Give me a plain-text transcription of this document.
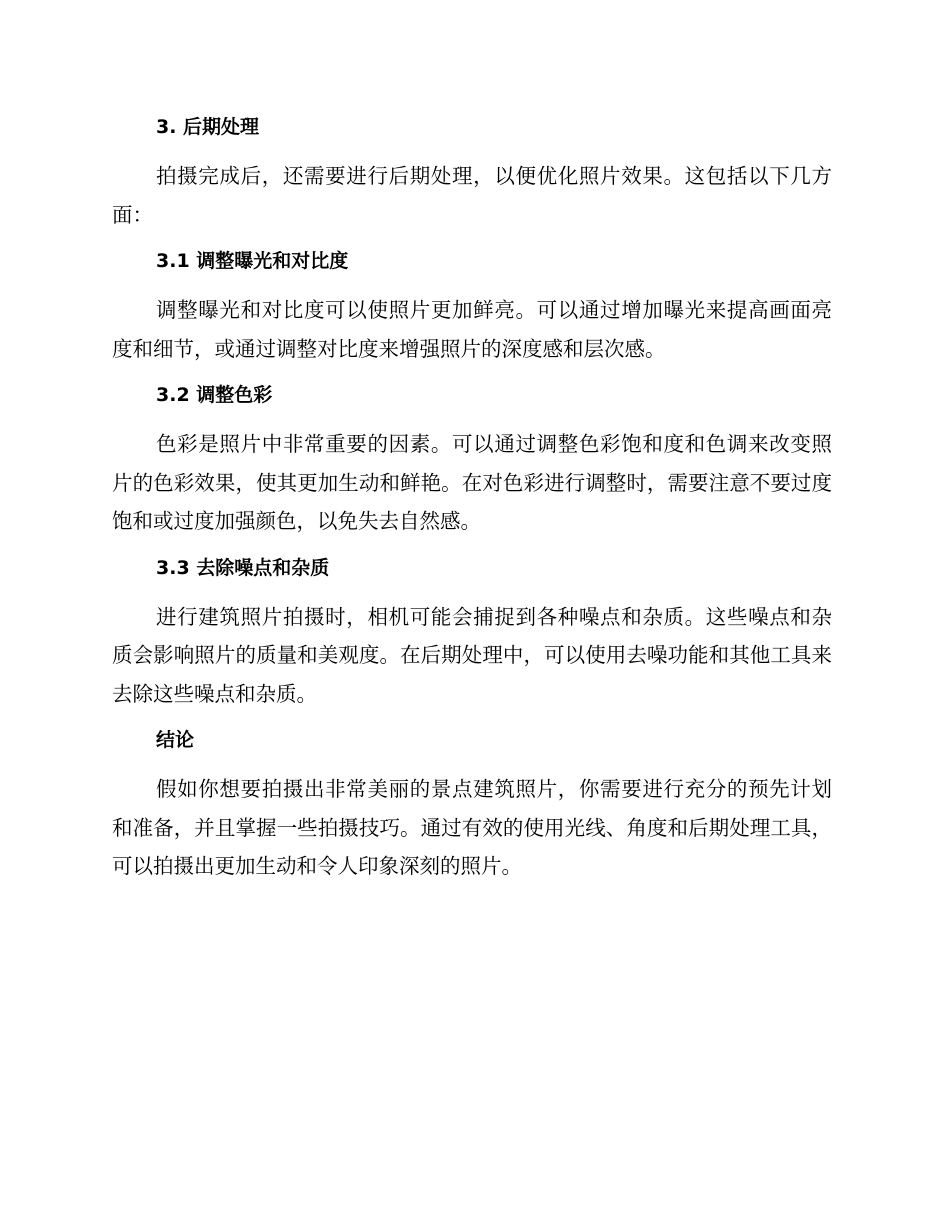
3. 后期处理

拍摄完成后，还需要进行后期处理，以便优化照片效果。这包括以下几方面：

3.1 调整曝光和对比度

调整曝光和对比度可以使照片更加鲜亮。可以通过增加曝光来提高画面亮度和细节，或通过调整对比度来增强照片的深度感和层次感。

3.2 调整色彩

色彩是照片中非常重要的因素。可以通过调整色彩饱和度和色调来改变照片的色彩效果，使其更加生动和鲜艳。在对色彩进行调整时，需要注意不要过度饱和或过度加强颜色，以免失去自然感。

3.3 去除噪点和杂质

进行建筑照片拍摄时，相机可能会捕捉到各种噪点和杂质。这些噪点和杂质会影响照片的质量和美观度。在后期处理中，可以使用去噪功能和其他工具来去除这些噪点和杂质。

结论

假如你想要拍摄出非常美丽的景点建筑照片，你需要进行充分的预先计划和准备，并且掌握一些拍摄技巧。通过有效的使用光线、角度和后期处理工具，可以拍摄出更加生动和令人印象深刻的照片。
